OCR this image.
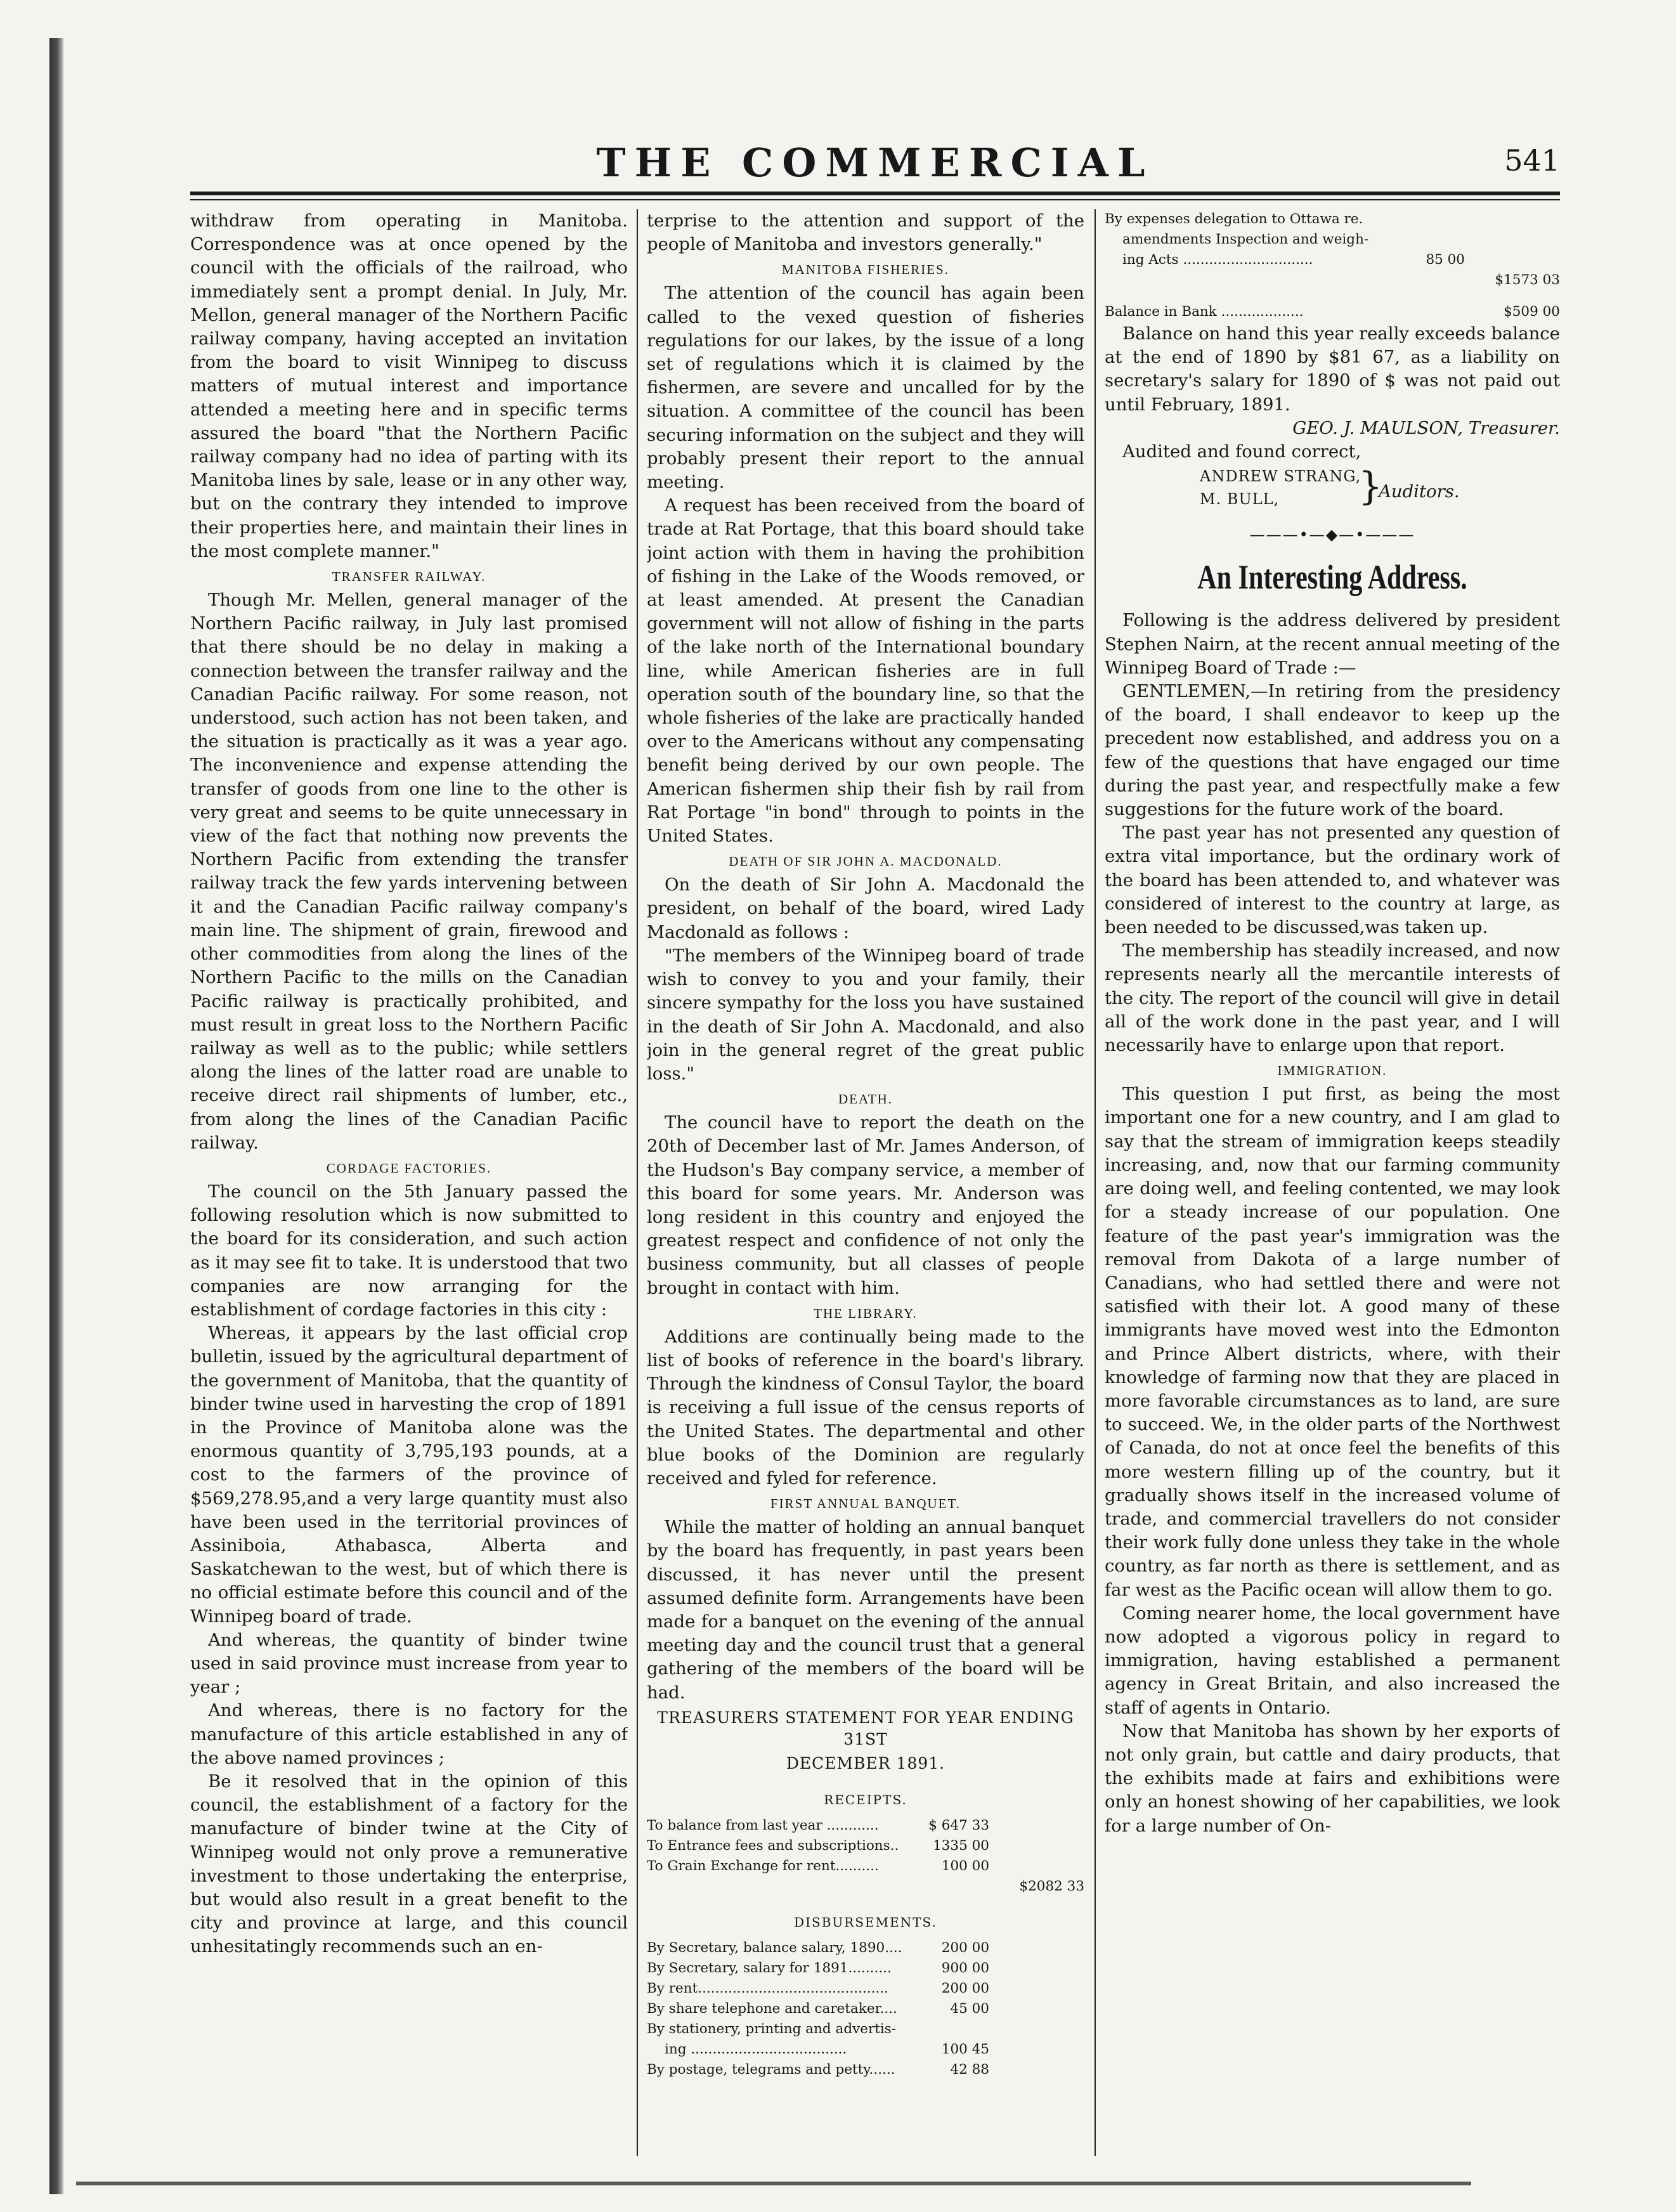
THE COMMERCIAL	541

withdraw from operating in Manitoba. Correspondence was at once opened by the council with the officials of the railroad, who immediately sent a prompt denial. In July, Mr. Mellon, general manager of the Northern Pacific railway company, having accepted an invitation from the board to visit Winnipeg to discuss matters of mutual interest and importance attended a meeting here and in specific terms assured the board "that the Northern Pacific railway company had no idea of parting with its Manitoba lines by sale, lease or in any other way, but on the contrary they intended to improve their properties here, and maintain their lines in the most complete manner."

TRANSFER RAILWAY.

Though Mr. Mellen, general manager of the Northern Pacific railway, in July last promised that there should be no delay in making a connection between the transfer railway and the Canadian Pacific railway. For some reason, not understood, such action has not been taken, and the situation is practically as it was a year ago. The inconvenience and expense attending the transfer of goods from one line to the other is very great and seems to be quite unnecessary in view of the fact that nothing now prevents the Northern Pacific from extending the transfer railway track the few yards intervening between it and the Canadian Pacific railway company's main line. The shipment of grain, firewood and other commodities from along the lines of the Northern Pacific to the mills on the Canadian Pacific railway is practically prohibited, and must result in great loss to the Northern Pacific railway as well as to the public; while settlers along the lines of the latter road are unable to receive direct rail shipments of lumber, etc., from along the lines of the Canadian Pacific railway.

CORDAGE FACTORIES.

The council on the 5th January passed the following resolution which is now submitted to the board for its consideration, and such action as it may see fit to take. It is understood that two companies are now arranging for the establishment of cordage factories in this city :

Whereas, it appears by the last official crop bulletin, issued by the agricultural department of the government of Manitoba, that the quantity of binder twine used in harvesting the crop of 1891 in the Province of Manitoba alone was the enormous quantity of 3,795,193 pounds, at a cost to the farmers of the province of $569,278.95,and a very large quantity must also have been used in the territorial provinces of Assiniboia, Athabasca, Alberta and Saskatchewan to the west, but of which there is no official estimate before this council and of the Winnipeg board of trade.

And whereas, the quantity of binder twine used in said province must increase from year to year ;

And whereas, there is no factory for the manufacture of this article established in any of the above named provinces ;

Be it resolved that in the opinion of this council, the establishment of a factory for the manufacture of binder twine at the City of Winnipeg would not only prove a remunerative investment to those undertaking the enterprise, but would also result in a great benefit to the city and province at large, and this council unhesitatingly recommends such an en-

terprise to the attention and support of the people of Manitoba and investors generally."

MANITOBA FISHERIES.

The attention of the council has again been called to the vexed question of fisheries regulations for our lakes, by the issue of a long set of regulations which it is claimed by the fishermen, are severe and uncalled for by the situation. A committee of the council has been securing information on the subject and they will probably present their report to the annual meeting.

A request has been received from the board of trade at Rat Portage, that this board should take joint action with them in having the prohibition of fishing in the Lake of the Woods removed, or at least amended. At present the Canadian government will not allow of fishing in the parts of the lake north of the International boundary line, while American fisheries are in full operation south of the boundary line, so that the whole fisheries of the lake are practically handed over to the Americans without any compensating benefit being derived by our own people. The American fishermen ship their fish by rail from Rat Portage "in bond" through to points in the United States.

DEATH OF SIR JOHN A. MACDONALD.

On the death of Sir John A. Macdonald the president, on behalf of the board, wired Lady Macdonald as follows :

"The members of the Winnipeg board of trade wish to convey to you and your family, their sincere sympathy for the loss you have sustained in the death of Sir John A. Macdonald, and also join in the general regret of the great public loss."

DEATH.

The council have to report the death on the 20th of December last of Mr. James Anderson, of the Hudson's Bay company service, a member of this board for some years. Mr. Anderson was long resident in this country and enjoyed the greatest respect and confidence of not only the business community, but all classes of people brought in contact with him.

THE LIBRARY.

Additions are continually being made to the list of books of reference in the board's library. Through the kindness of Consul Taylor, the board is receiving a full issue of the census reports of the United States. The departmental and other blue books of the Dominion are regularly received and fyled for reference.

FIRST ANNUAL BANQUET.

While the matter of holding an annual banquet by the board has frequently, in past years been discussed, it has never until the present assumed definite form. Arrangements have been made for a banquet on the evening of the annual meeting day and the council trust that a general gathering of the members of the board will be had.

TREASURERS STATEMENT FOR YEAR ENDING 31ST
DECEMBER 1891.
RECEIPTS.
To balance from last year ............	$ 647 33
To Entrance fees and subscriptions..	1335 00
To Grain Exchange for rent..........	100 00
$2082 33
DISBURSEMENTS.
By Secretary, balance salary, 1890....	200 00
By Secretary, salary for 1891..........	900 00
By rent............................................	200 00
By share telephone and caretaker....	45 00
By stationery, printing and advertis-
ing ....................................	100 45
By postage, telegrams and petty......	42 88
By expenses delegation to Ottawa re.
amendments Inspection and weigh-
ing Acts ..............................	85 00
$1573 03
Balance in Bank ...................	$509 00

Balance on hand this year really exceeds balance at the end of 1890 by $81 67, as a liability on secretary's salary for 1890 of $ was not paid out until February, 1891.

GEO. J. MAULSON, Treasurer.

Audited and found correct,

ANDREW STRANG,
M. BULL,	}
Auditors.
———•—◆—•———
An Interesting Address.

Following is the address delivered by president Stephen Nairn, at the recent annual meeting of the Winnipeg Board of Trade :—

GENTLEMEN,—In retiring from the presidency of the board, I shall endeavor to keep up the precedent now established, and address you on a few of the questions that have engaged our time during the past year, and respectfully make a few suggestions for the future work of the board.

The past year has not presented any question of extra vital importance, but the ordinary work of the board has been attended to, and whatever was considered of interest to the country at large, as been needed to be discussed,was taken up.

The membership has steadily increased, and now represents nearly all the mercantile interests of the city. The report of the council will give in detail all of the work done in the past year, and I will necessarily have to enlarge upon that report.

IMMIGRATION.

This question I put first, as being the most important one for a new country, and I am glad to say that the stream of immigration keeps steadily increasing, and, now that our farming community are doing well, and feeling contented, we may look for a steady increase of our population. One feature of the past year's immigration was the removal from Dakota of a large number of Canadians, who had settled there and were not satisfied with their lot. A good many of these immigrants have moved west into the Edmonton and Prince Albert districts, where, with their knowledge of farming now that they are placed in more favorable circumstances as to land, are sure to succeed. We, in the older parts of the Northwest of Canada, do not at once feel the benefits of this more western filling up of the country, but it gradually shows itself in the increased volume of trade, and commercial travellers do not consider their work fully done unless they take in the whole country, as far north as there is settlement, and as far west as the Pacific ocean will allow them to go.

Coming nearer home, the local government have now adopted a vigorous policy in regard to immigration, having established a permanent agency in Great Britain, and also increased the staff of agents in Ontario.

Now that Manitoba has shown by her exports of not only grain, but cattle and dairy products, that the exhibits made at fairs and exhibitions were only an honest showing of her capabilities, we look for a large number of On-
